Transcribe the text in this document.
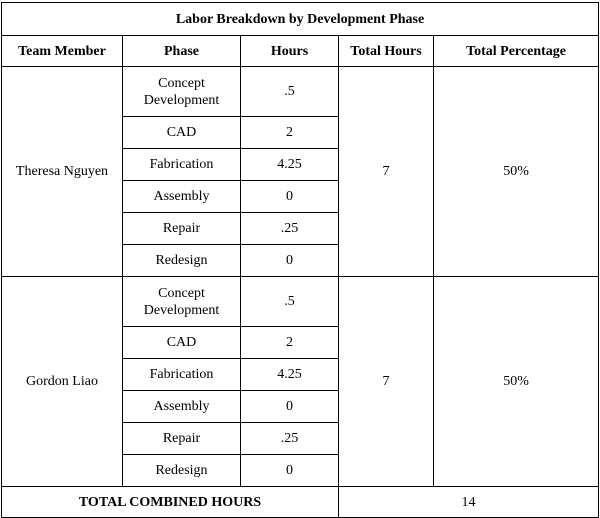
Labor Breakdown by Development Phase				
Team Member	Phase	Hours	Total Hours	Total Percentage
Theresa Nguyen	Concept Development	.5	7	50%
	CAD	2		
	Fabrication	4.25		
	Assembly	0		
	Repair	.25		
	Redesign	0		
Gordon Liao	Concept Development	.5	7	50%
	CAD	2		
	Fabrication	4.25		
	Assembly	0		
	Repair	.25		
	Redesign	0		
TOTAL COMBINED HOURS			14	
